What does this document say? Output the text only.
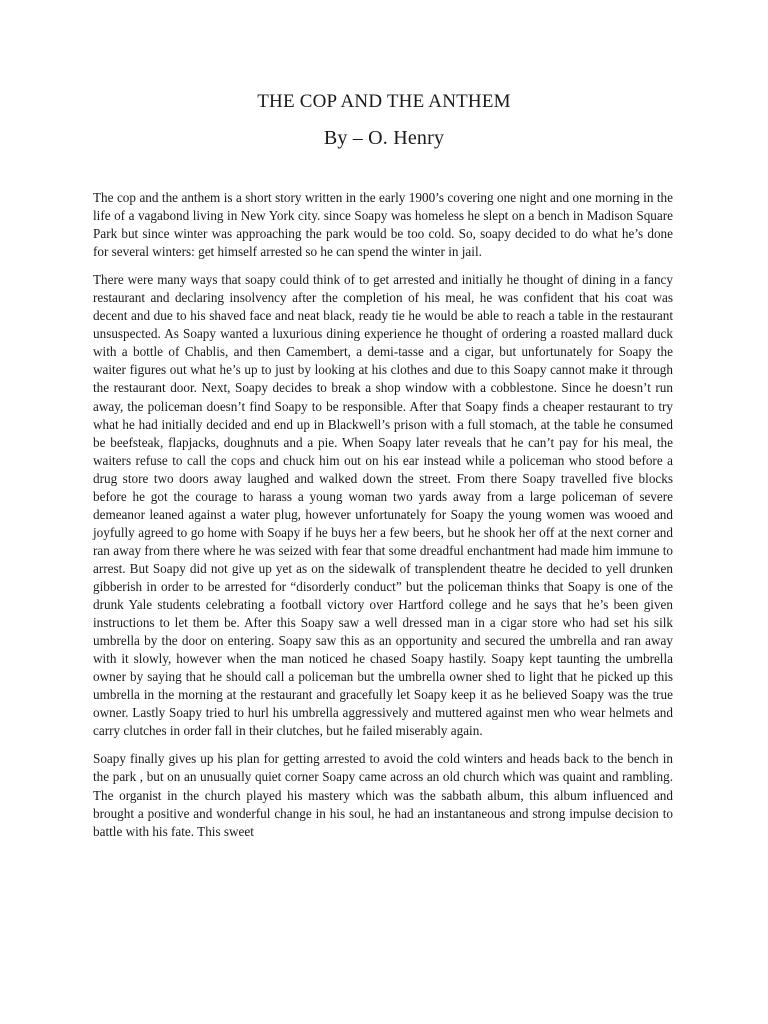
THE COP AND THE ANTHEM
By – O. Henry

The cop and the anthem is a short story written in the early 1900’s covering one night and one morning in the life of a vagabond living in New York city. since Soapy was homeless he slept on a bench in Madison Square Park but since winter was approaching the park would be too cold. So, soapy decided to do what he’s done for several winters: get himself arrested so he can spend the winter in jail.

There were many ways that soapy could think of to get arrested and initially he thought of dining in a fancy restaurant and declaring insolvency after the completion of his meal, he was confident that his coat was decent and due to his shaved face and neat black, ready tie he would be able to reach a table in the restaurant unsuspected. As Soapy wanted a luxurious dining experience he thought of ordering a roasted mallard duck with a bottle of Chablis, and then Camembert, a demi-tasse and a cigar, but unfortunately for Soapy the waiter figures out what he’s up to just by looking at his clothes and due to this Soapy cannot make it through the restaurant door. Next, Soapy decides to break a shop window with a cobblestone. Since he doesn’t run away, the policeman doesn’t find Soapy to be responsible. After that Soapy finds a cheaper restaurant to try what he had initially decided and end up in Blackwell’s prison with a full stomach, at the table he consumed be beefsteak, flapjacks, doughnuts and a pie. When Soapy later reveals that he can’t pay for his meal, the waiters refuse to call the cops and chuck him out on his ear instead while a policeman who stood before a drug store two doors away laughed and walked down the street. From there Soapy travelled five blocks before he got the courage to harass a young woman two yards away from a large policeman of severe demeanor leaned against a water plug, however unfortunately for Soapy the young women was wooed and joyfully agreed to go home with Soapy if he buys her a few beers, but he shook her off at the next corner and ran away from there where he was seized with fear that some dreadful enchantment had made him immune to arrest. But Soapy did not give up yet as on the sidewalk of transplendent theatre he decided to yell drunken gibberish in order to be arrested for “disorderly conduct” but the policeman thinks that Soapy is one of the drunk Yale students celebrating a football victory over Hartford college and he says that he’s been given instructions to let them be. After this Soapy saw a well dressed man in a cigar store who had set his silk umbrella by the door on entering. Soapy saw this as an opportunity and secured the umbrella and ran away with it slowly, however when the man noticed he chased Soapy hastily. Soapy kept taunting the umbrella owner by saying that he should call a policeman but the umbrella owner shed to light that he picked up this umbrella in the morning at the restaurant and gracefully let Soapy keep it as he believed Soapy was the true owner. Lastly Soapy tried to hurl his umbrella aggressively and muttered against men who wear helmets and carry clutches in order fall in their clutches, but he failed miserably again.

Soapy finally gives up his plan for getting arrested to avoid the cold winters and heads back to the bench in the park , but on an unusually quiet corner Soapy came across an old church which was quaint and rambling. The organist in the church played his mastery which was the sabbath album, this album influenced and brought a positive and wonderful change in his soul, he had an instantaneous and strong impulse decision to battle with his fate. This sweet
